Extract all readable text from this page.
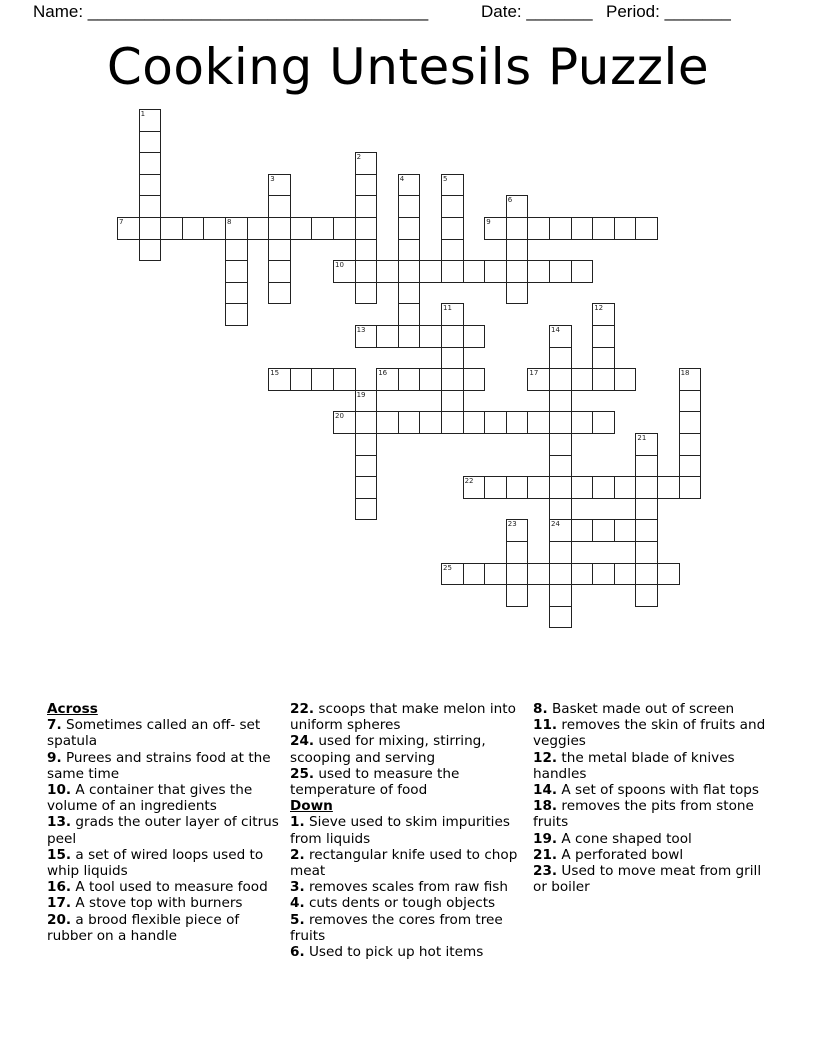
Name: ____________________________________	Date: _______ Period: _______
Cooking Untesils Puzzle
1
2
3	4	5
6
8
11	12
14
24
18
19
21
23
7	9
10
13
15	16	17
20
22
25
Across
7. Sometimes called an off- set spatula
9. Purees and strains food at the same time
10. A container that gives the volume of an ingredients
13. grads the outer layer of citrus peel
15. a set of wired loops used to whip liquids
16. A tool used to measure food
17. A stove top with burners
20. a brood flexible piece of rubber on a handle
22. scoops that make melon into uniform spheres
24. used for mixing, stirring, scooping and serving
25. used to measure the temperature of food
Down
1. Sieve used to skim impurities from liquids
2. rectangular knife used to chop meat
3. removes scales from raw fish
4. cuts dents or tough objects
5. removes the cores from tree fruits
6. Used to pick up hot items
8. Basket made out of screen
11. removes the skin of fruits and veggies
12. the metal blade of knives handles
14. A set of spoons with flat tops
18. removes the pits from stone fruits
19. A cone shaped tool
21. A perforated bowl
23. Used to move meat from grill or boiler
